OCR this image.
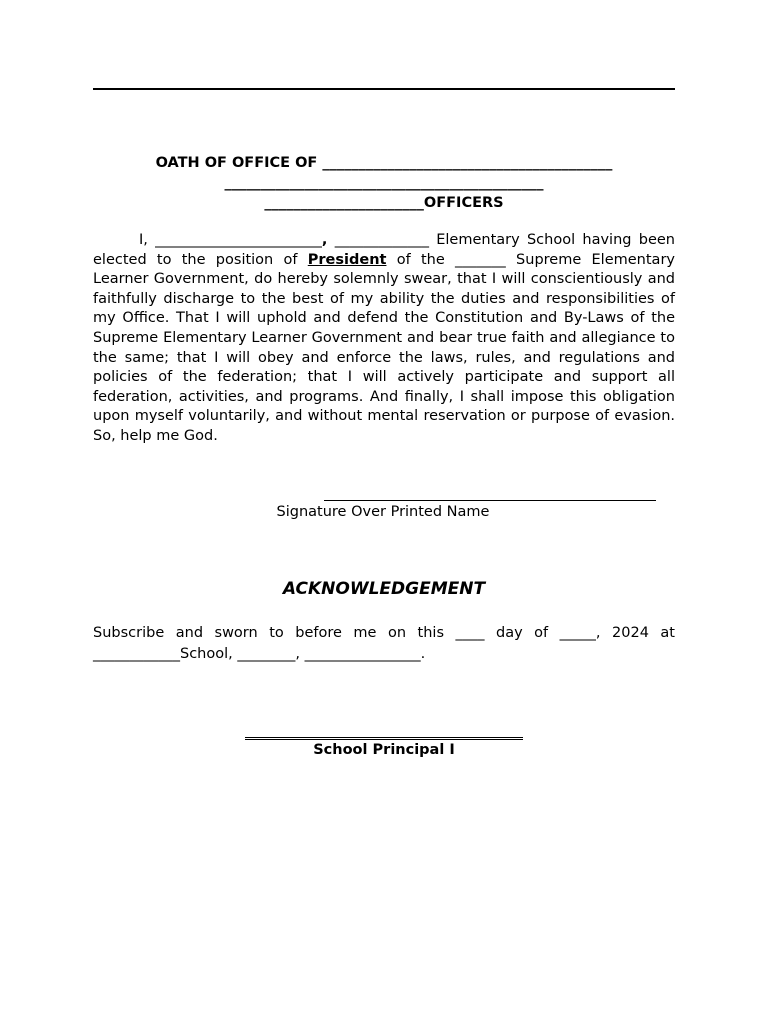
OATH OF OFFICE OF ________________________________________
____________________________________________
______________________OFFICERS
I, _______________________, _____________ Elementary School having been elected to the position of President of the _______ Supreme Elementary Learner Government, do hereby solemnly swear, that I will conscientiously and faithfully discharge to the best of my ability the duties and responsibilities of my Office. That I will uphold and defend the Constitution and By-Laws of the Supreme Elementary Learner Government and bear true faith and allegiance to the same; that I will obey and enforce the laws, rules, and regulations and policies of the federation; that I will actively participate and support all federation, activities, and programs. And finally, I shall impose this obligation upon myself voluntarily, and without mental reservation or purpose of evasion. So, help me God.
Signature Over Printed Name
ACKNOWLEDGEMENT
Subscribe and sworn to before me on this ____ day of _____, 2024 at
____________School, ________, ________________.
School Principal I
